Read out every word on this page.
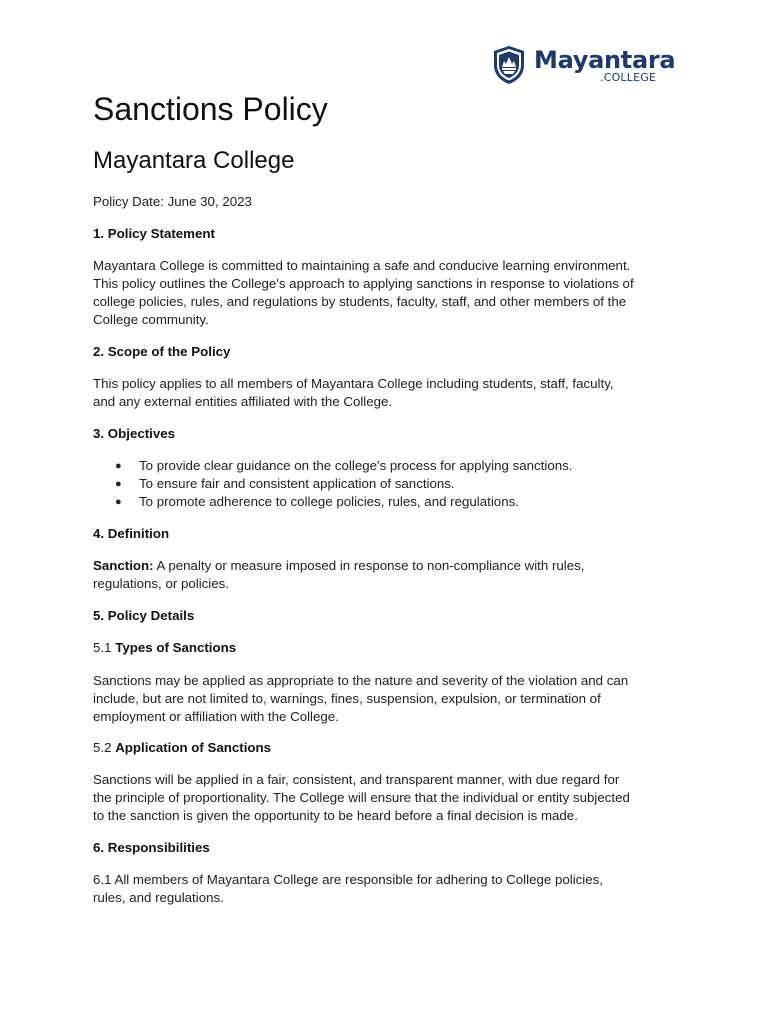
Mayantara
.COLLEGE
Sanctions Policy
Mayantara College

Policy Date: June 30, 2023

1. Policy Statement

Mayantara College is committed to maintaining a safe and conducive learning environment.
This policy outlines the College's approach to applying sanctions in response to violations of
college policies, rules, and regulations by students, faculty, staff, and other members of the
College community.

2. Scope of the Policy

This policy applies to all members of Mayantara College including students, staff, faculty,
and any external entities affiliated with the College.

3. Objectives

● To provide clear guidance on the college's process for applying sanctions.
● To ensure fair and consistent application of sanctions.
● To promote adherence to college policies, rules, and regulations.

4. Definition

Sanction: A penalty or measure imposed in response to non-compliance with rules,
regulations, or policies.

5. Policy Details

5.1 Types of Sanctions

Sanctions may be applied as appropriate to the nature and severity of the violation and can
include, but are not limited to, warnings, fines, suspension, expulsion, or termination of
employment or affiliation with the College.

5.2 Application of Sanctions

Sanctions will be applied in a fair, consistent, and transparent manner, with due regard for
the principle of proportionality. The College will ensure that the individual or entity subjected
to the sanction is given the opportunity to be heard before a final decision is made.

6. Responsibilities

6.1 All members of Mayantara College are responsible for adhering to College policies,
rules, and regulations.
